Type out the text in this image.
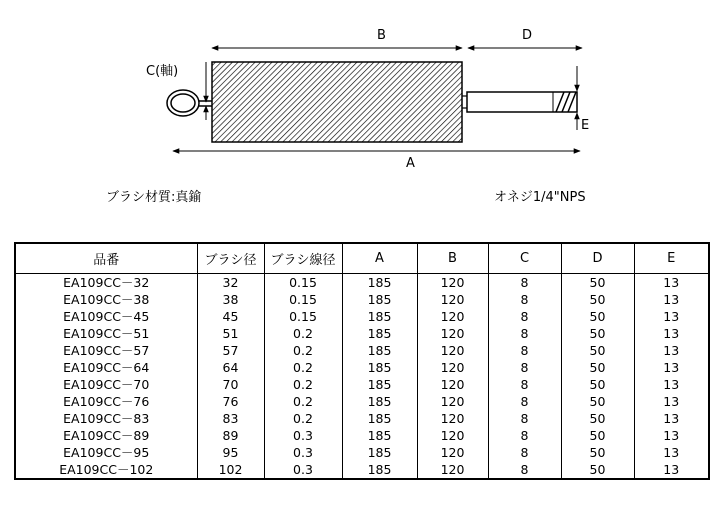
B	D
C(軸)
E
A
ブラシ材質:真鍮	オネジ1/4"NPS
品番	ブラシ径	ブラシ線径	A	B	C	D	E
EA109CC－32	32	0.15	185	120	8	50	13
EA109CC－38	38	0.15	185	120	8	50	13
EA109CC－45	45	0.15	185	120	8	50	13
EA109CC－51	51	0.2	185	120	8	50	13
EA109CC－57	57	0.2	185	120	8	50	13
EA109CC－64	64	0.2	185	120	8	50	13
EA109CC－70	70	0.2	185	120	8	50	13
EA109CC－76	76	0.2	185	120	8	50	13
EA109CC－83	83	0.2	185	120	8	50	13
EA109CC－89	89	0.3	185	120	8	50	13
EA109CC－95	95	0.3	185	120	8	50	13
EA109CC－102	102	0.3	185	120	8	50	13
